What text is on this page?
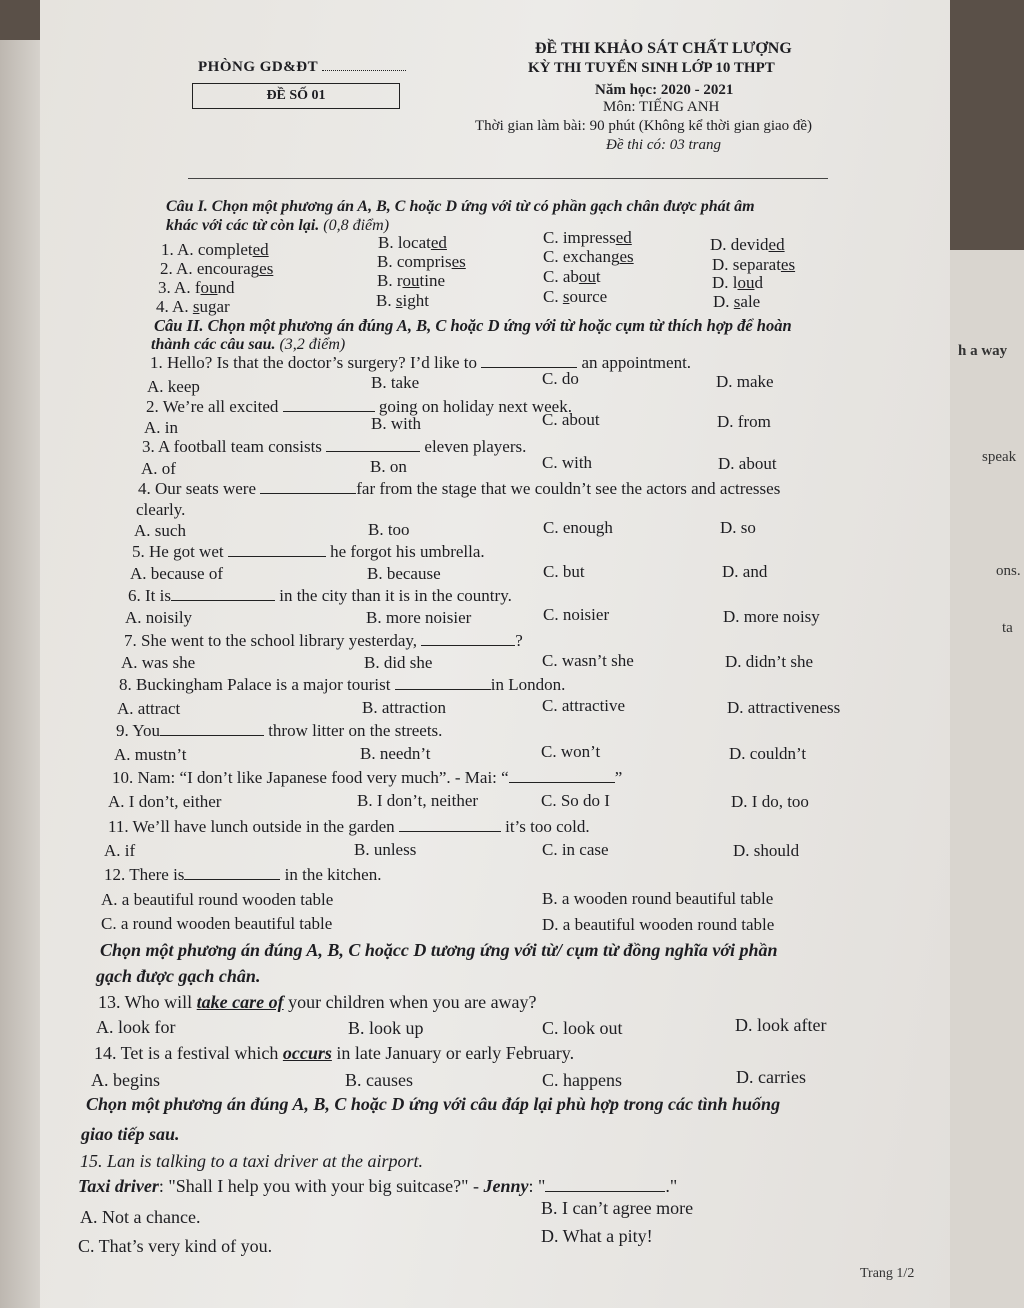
h a way
speak
ons.
ta
PHÒNG GD&ĐT
ĐỀ SỐ 01
ĐỀ THI KHẢO SÁT CHẤT LƯỢNG
KỲ THI TUYỂN SINH LỚP 10 THPT
Năm học: 2020 - 2021
Môn: TIẾNG ANH
Thời gian làm bài: 90 phút (Không kể thời gian giao đề)
Đề thi có: 03 trang
Câu I. Chọn một phương án A, B, C hoặc D ứng với từ có phần gạch chân được phát âm
khác với các từ còn lại. (0,8 điểm)
1. A. completed	B. located	C. impressed	D. devided
2. A. encourages	B. comprises	C. exchanges	D. separates
3. A. found	B. routine	C. about	D. loud
4. A. sugar	B. sight	C. source	D. sale
Câu II. Chọn một phương án đúng A, B, C hoặc D ứng với từ hoặc cụm từ thích hợp để hoàn
thành các câu sau. (3,2 điểm)
1. Hello? Is that the doctor’s surgery? I’d like to	an appointment.
A. keep	B. take	C. do	D. make
2. We’re all excited	going on holiday next week.
A. in	B. with	C. about	D. from
3. A football team consists	eleven players.
A. of	B. on	C. with	D. about
4. Our seats were	far from the stage that we couldn’t see the actors and actresses
clearly.
A. such	B. too	C. enough	D. so
5. He got wet	he forgot his umbrella.
A. because of	B. because	C. but	D. and
6. It is	in the city than it is in the country.
A. noisily	B. more noisier	C. noisier	D. more noisy
7. She went to the school library yesterday,	?
A. was she	B. did she	C. wasn’t she	D. didn’t she
8. Buckingham Palace is a major tourist	in London.
A. attract	B. attraction	C. attractive	D. attractiveness
9. You	throw litter on the streets.
A. mustn’t	B. needn’t	C. won’t	D. couldn’t
10. Nam: “I don’t like Japanese food very much”. - Mai: “	”
A. I don’t, either	B. I don’t, neither	C. So do I	D. I do, too
11. We’ll have lunch outside in the garden	it’s too cold.
A. if	B. unless	C. in case	D. should
12. There is	in the kitchen.
A. a beautiful round wooden table	B. a wooden round beautiful table
C. a round wooden beautiful table	D. a beautiful wooden round table
Chọn một phương án đúng A, B, C hoặcc D tương ứng với từ/ cụm từ đồng nghĩa với phần
gạch được gạch chân.
13. Who will take care of your children when you are away?
A. look for	B. look up	C. look out	D. look after
14. Tet is a festival which occurs in late January or early February.
A. begins	B. causes	C. happens	D. carries
Chọn một phương án đúng A, B, C hoặc D ứng với câu đáp lại phù hợp trong các tình huống
giao tiếp sau.
15. Lan is talking to a taxi driver at the airport.
Taxi driver: "Shall I help you with your big suitcase?" - Jenny: "	."
A. Not a chance.	B. I can’t agree more
C. That’s very kind of you.	D. What a pity!
Trang 1/2
